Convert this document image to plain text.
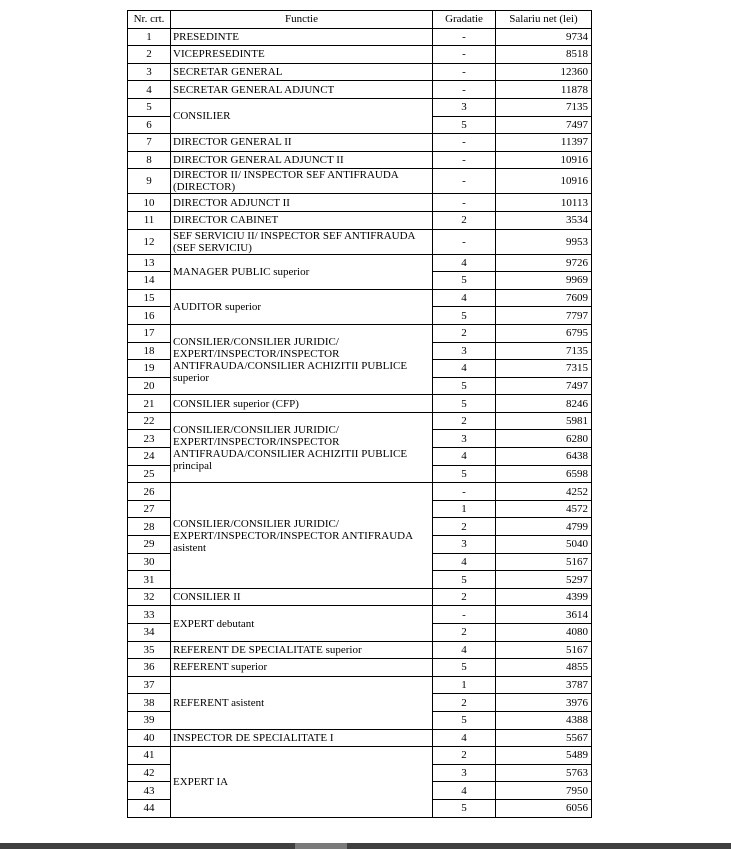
Nr. crt.	Functie	Gradatie	Salariu net (lei)
1	PRESEDINTE	-	9734
2	VICEPRESEDINTE	-	8518
3	SECRETAR GENERAL	-	12360
4	SECRETAR GENERAL ADJUNCT	-	11878
5	CONSILIER	3	7135
6		5	7497
7	DIRECTOR GENERAL II	-	11397
8	DIRECTOR GENERAL ADJUNCT II	-	10916
9	DIRECTOR II/ INSPECTOR SEF ANTIFRAUDA (DIRECTOR)	-	10916
10	DIRECTOR ADJUNCT II	-	10113
11	DIRECTOR CABINET	2	3534
12	SEF SERVICIU II/ INSPECTOR SEF ANTIFRAUDA (SEF SERVICIU)	-	9953
13	MANAGER PUBLIC superior	4	9726
14		5	9969
15	AUDITOR superior	4	7609
16		5	7797
17	CONSILIER/CONSILIER JURIDIC/ EXPERT/INSPECTOR/INSPECTOR ANTIFRAUDA/CONSILIER ACHIZITII PUBLICE superior	2	6795
18		3	7135
19		4	7315
20		5	7497
21	CONSILIER superior (CFP)	5	8246
22	CONSILIER/CONSILIER JURIDIC/ EXPERT/INSPECTOR/INSPECTOR ANTIFRAUDA/CONSILIER ACHIZITII PUBLICE principal	2	5981
23		3	6280
24		4	6438
25		5	6598
26	CONSILIER/CONSILIER JURIDIC/ EXPERT/INSPECTOR/INSPECTOR ANTIFRAUDA asistent	-	4252
27		1	4572
28		2	4799
29		3	5040
30		4	5167
31		5	5297
32	CONSILIER II	2	4399
33	EXPERT debutant	-	3614
34		2	4080
35	REFERENT DE SPECIALITATE superior	4	5167
36	REFERENT superior	5	4855
37	REFERENT asistent	1	3787
38		2	3976
39		5	4388
40	INSPECTOR DE SPECIALITATE I	4	5567
41	EXPERT IA	2	5489
42		3	5763
43		4	7950
44		5	6056
